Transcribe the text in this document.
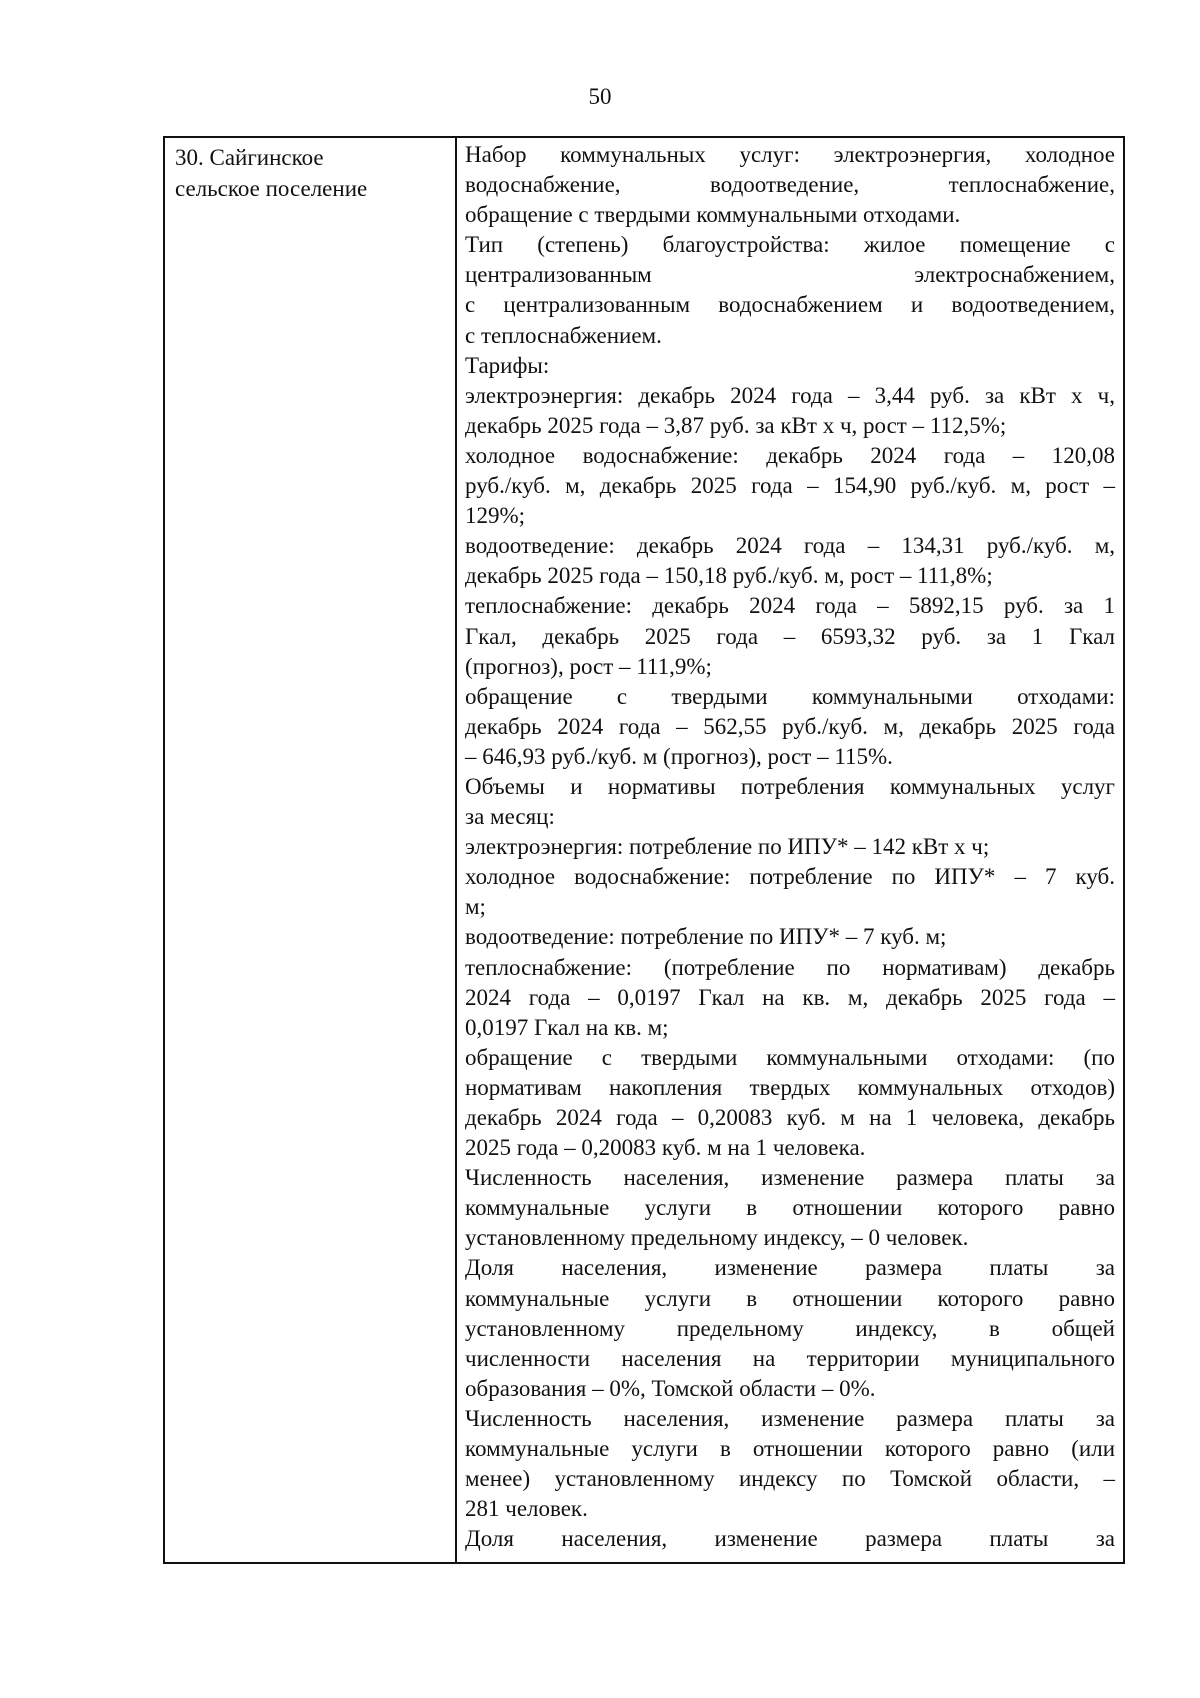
50
30. Сайгинское
сельское поселение
Набор коммунальных услуг: электроэнергия, холодное
водоснабжение, водоотведение, теплоснабжение,
обращение с твердыми коммунальными отходами.
Тип (степень) благоустройства: жилое помещение с
централизованным электроснабжением,
с централизованным водоснабжением и водоотведением,
с теплоснабжением.
Тарифы:
электроэнергия: декабрь 2024 года – 3,44 руб. за кВт х ч,
декабрь 2025 года – 3,87 руб. за кВт х ч, рост – 112,5%;
холодное водоснабжение: декабрь 2024 года – 120,08
руб./куб. м, декабрь 2025 года – 154,90 руб./куб. м, рост –
129%;
водоотведение: декабрь 2024 года – 134,31 руб./куб. м,
декабрь 2025 года – 150,18 руб./куб. м, рост – 111,8%;
теплоснабжение: декабрь 2024 года – 5892,15 руб. за 1
Гкал, декабрь 2025 года – 6593,32 руб. за 1 Гкал
(прогноз), рост – 111,9%;
обращение с твердыми коммунальными отходами:
декабрь 2024 года – 562,55 руб./куб. м, декабрь 2025 года
– 646,93 руб./куб. м (прогноз), рост – 115%.
Объемы и нормативы потребления коммунальных услуг
за месяц:
электроэнергия: потребление по ИПУ* – 142 кВт х ч;
холодное водоснабжение: потребление по ИПУ* – 7 куб.
м;
водоотведение: потребление по ИПУ* – 7 куб. м;
теплоснабжение: (потребление по нормативам) декабрь
2024 года – 0,0197 Гкал на кв. м, декабрь 2025 года –
0,0197 Гкал на кв. м;
обращение с твердыми коммунальными отходами: (по
нормативам накопления твердых коммунальных отходов)
декабрь 2024 года – 0,20083 куб. м на 1 человека, декабрь
2025 года – 0,20083 куб. м на 1 человека.
Численность населения, изменение размера платы за
коммунальные услуги в отношении которого равно
установленному предельному индексу, – 0 человек.
Доля населения, изменение размера платы за
коммунальные услуги в отношении которого равно
установленному предельному индексу, в общей
численности населения на территории муниципального
образования – 0%, Томской области – 0%.
Численность населения, изменение размера платы за
коммунальные услуги в отношении которого равно (или
менее) установленному индексу по Томской области, –
281 человек.
Доля населения, изменение размера платы за
